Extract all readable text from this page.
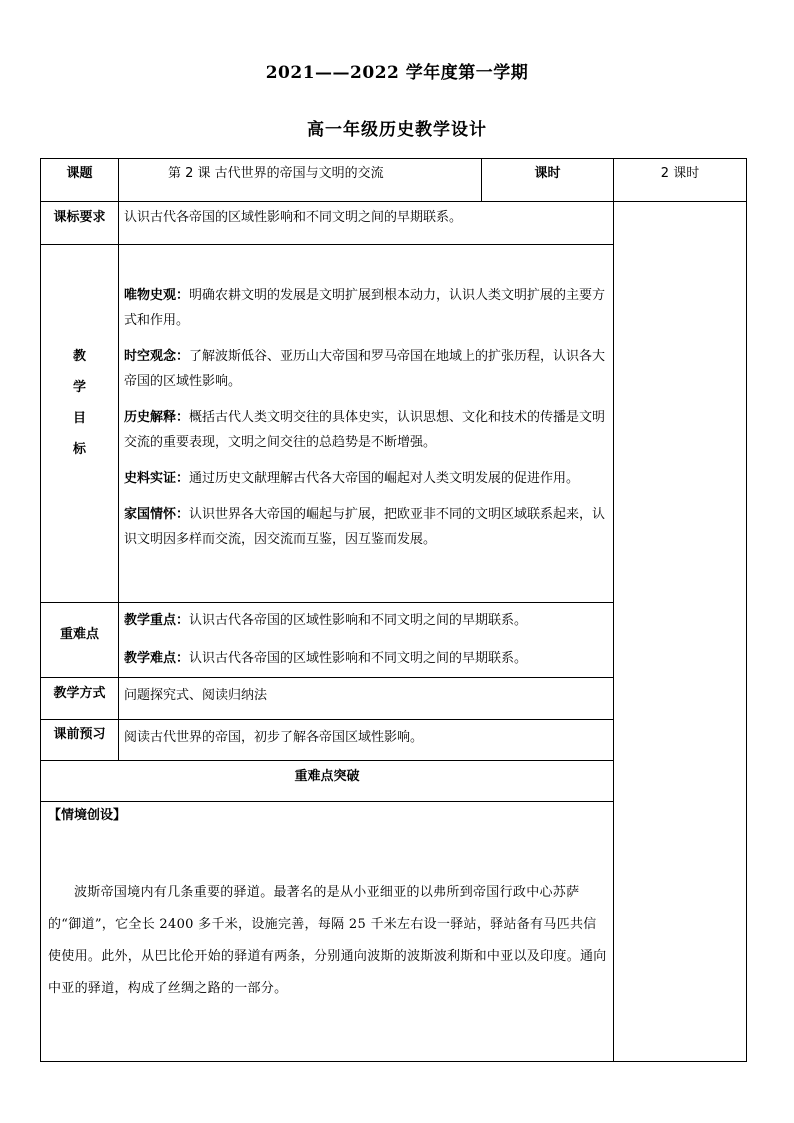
2021——2022 学年度第一学期
高一年级历史教学设计
课题	第 2 课 古代世界的帝国与文明的交流	课时	2 课时
课标要求	认识古代各帝国的区域性影响和不同文明之间的早期联系。
教
学
目
标

唯物史观：明确农耕文明的发展是文明扩展到根本动力，认识人类文明扩展的主要方式和作用。

时空观念：了解波斯低谷、亚历山大帝国和罗马帝国在地域上的扩张历程，认识各大帝国的区域性影响。

历史解释：概括古代人类文明交往的具体史实，认识思想、文化和技术的传播是文明交流的重要表现，文明之间交往的总趋势是不断增强。

史料实证：通过历史文献理解古代各大帝国的崛起对人类文明发展的促进作用。

家国情怀：认识世界各大帝国的崛起与扩展，把欧亚非不同的文明区域联系起来，认识文明因多样而交流，因交流而互鉴，因互鉴而发展。

重难点

教学重点：认识古代各帝国的区域性影响和不同文明之间的早期联系。

教学难点：认识古代各帝国的区域性影响和不同文明之间的早期联系。

教学方式	问题探究式、阅读归纳法
课前预习	阅读古代世界的帝国，初步了解各帝国区域性影响。
重难点突破
【情境创设】

波斯帝国境内有几条重要的驿道。最著名的是从小亚细亚的以弗所到帝国行政中心苏萨的“御道”，它全长 2400 多千米，设施完善，每隔 25 千米左右设一驿站，驿站备有马匹共信使使用。此外，从巴比伦开始的驿道有两条，分别通向波斯的波斯波利斯和中亚以及印度。通向中亚的驿道，构成了丝绸之路的一部分。
